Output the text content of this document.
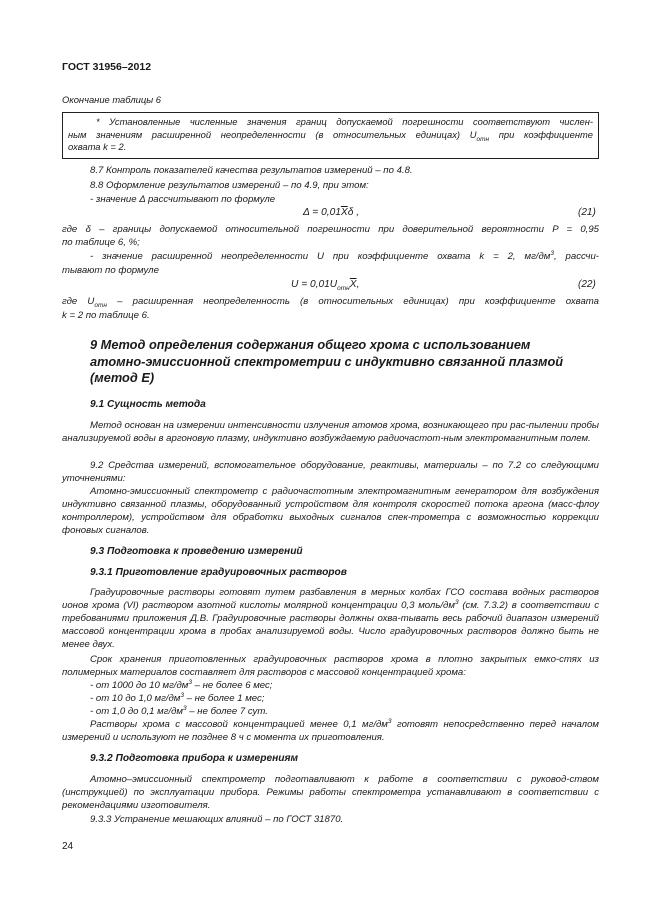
ГОСТ 31956–2012
Окончание таблицы 6
* Установленные численные значения границ допускаемой погрешности соответствуют числен-
ным значениям расширенной неопределенности (в относительных единицах) $U_{отн}$ при коэффициенте
охвата k = 2.
8.7 Контроль показателей качества результатов измерений – по 4.8.
8.8 Оформление результатов измерений – по 4.9, при этом:
- значение Δ рассчитывают по формуле
$\Delta = 0,01\overline{X}\delta$ ,	(21)
где δ – границы допускаемой относительной погрешности при доверительной вероятности P = 0,95
по таблице 6, %;
- значение расширенной неопределенности U при коэффициенте охвата k = 2, $мг/дм^3$, рассчи-
тывают по формуле
$U = 0,01U_{отн}\overline{X}$,	(22)
где $U_{отн}$ – расширенная неопределенность (в относительных единицах) при коэффициенте охвата
k = 2 по таблице 6.
9 Метод определения содержания общего хрома с использованием
атомно-эмиссионной спектрометрии с индуктивно связанной плазмой
(метод Е)
9.1 Сущность метода
Метод основан на измерении интенсивности излучения атомов хрома, возникающего при рас-пылении пробы анализируемой воды в аргоновую плазму, индуктивно возбуждаемую радиочастот-ным электромагнитным полем.
9.2 Средства измерений, вспомогательное оборудование, реактивы, материалы – по 7.2 со следующими уточнениями:
Атомно-эмиссионный спектрометр с радиочастотным электромагнитным генератором для возбуждения индуктивно связанной плазмы, оборудованный устройством для контроля скоростей потока аргона (масс-флоу контроллером), устройством для обработки выходных сигналов спек-трометра с возможностью коррекции фоновых сигналов.
9.3 Подготовка к проведению измерений
9.3.1 Приготовление градуировочных растворов
Градуировочные растворы готовят путем разбавления в мерных колбах ГСО состава водных растворов ионов хрома (VI) раствором азотной кислоты молярной концентрации 0,3 моль/$дм^3$ (см. 7.3.2) в соответствии с требованиями приложения Д.В. Градуировочные растворы должны охва-тывать весь рабочий диапазон измерений массовой концентрации хрома в пробах анализируемой воды. Число градуировочных растворов должно быть не менее двух.
Срок хранения приготовленных градуировочных растворов хрома в плотно закрытых емко-стях из полимерных материалов составляет для растворов с массовой концентрацией хрома:
- от 1000 до 10 $мг/дм^3$ – не более 6 мес;
- от 10 до 1,0 $мг/дм^3$ – не более 1 мес;
- от 1,0 до 0,1 $мг/дм^3$ – не более 7 сут.
Растворы хрома с массовой концентрацией менее 0,1 $мг/дм^3$ готовят непосредственно перед началом измерений и используют не позднее 8 ч с момента их приготовления.
9.3.2 Подготовка прибора к измерениям
Атомно–эмиссионный спектрометр подготавливают к работе в соответствии с руковод-ством (инструкцией) по эксплуатации прибора. Режимы работы спектрометра устанавливают в соответствии с рекомендациями изготовителя.
9.3.3 Устранение мешающих влияний – по ГОСТ 31870.
24
